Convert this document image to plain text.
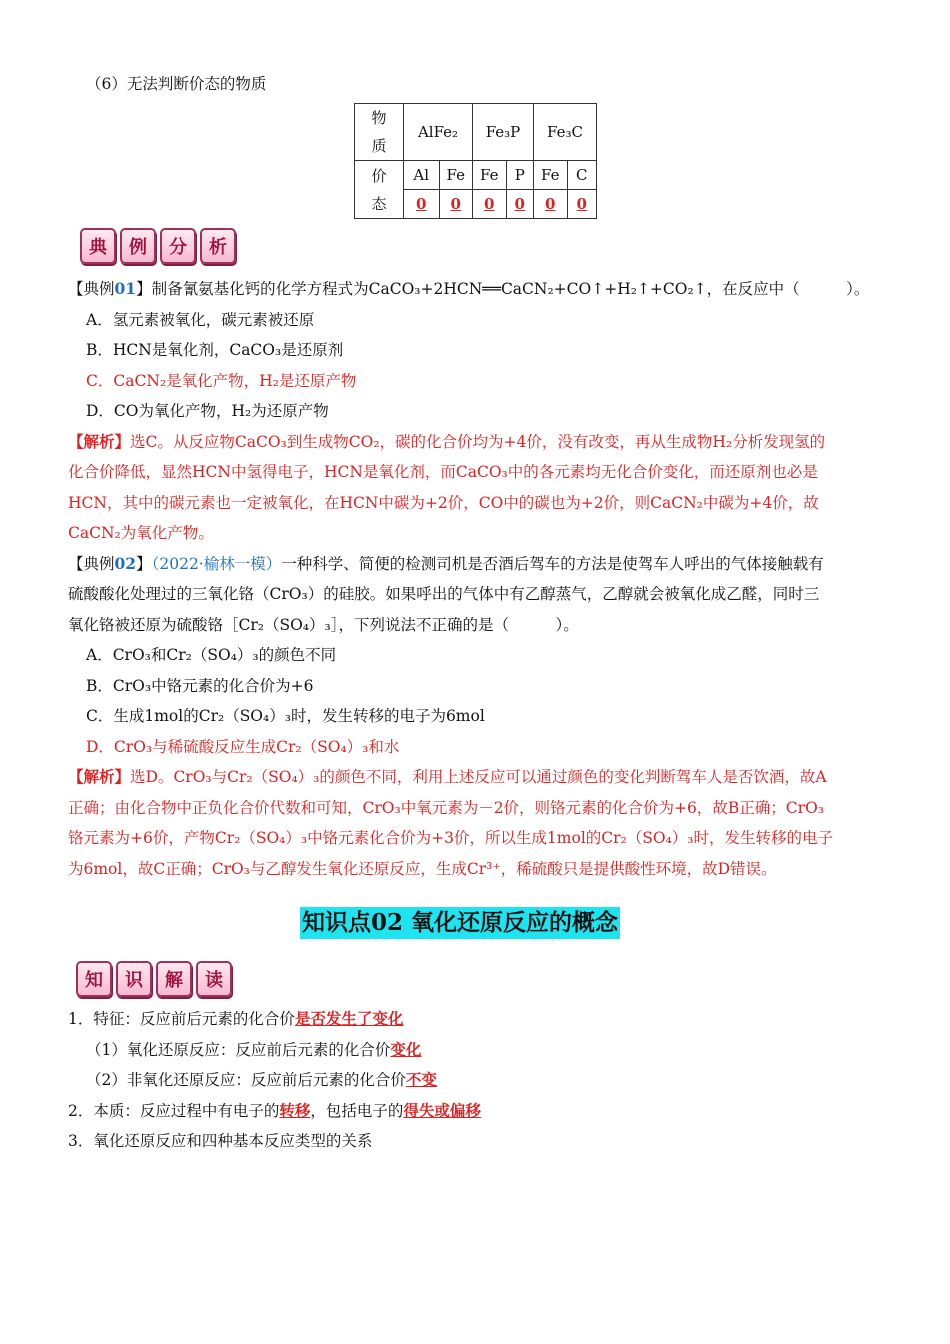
（6）无法判断价态的物质
物
质	AlFe₂		Fe₃P		Fe₃C	
价
态	Al	Fe	Fe	P	Fe	C
	0	0	0	0	0	0
典	例	分	析
【典例01】制备氰氨基化钙的化学方程式为CaCO₃+2HCN══CaCN₂+CO↑+H₂↑+CO₂↑，在反应中（　　　）。
A．氢元素被氧化，碳元素被还原
B．HCN是氧化剂，CaCO₃是还原剂
C．CaCN₂是氧化产物，H₂是还原产物
D．CO为氧化产物，H₂为还原产物
【解析】选C。从反应物CaCO₃到生成物CO₂，碳的化合价均为+4价，没有改变，再从生成物H₂分析发现氢的
化合价降低，显然HCN中氢得电子，HCN是氧化剂，而CaCO₃中的各元素均无化合价变化，而还原剂也必是
HCN，其中的碳元素也一定被氧化，在HCN中碳为+2价，CO中的碳也为+2价，则CaCN₂中碳为+4价，故
CaCN₂为氧化产物。
【典例02】（2022·榆林一模）一种科学、简便的检测司机是否酒后驾车的方法是使驾车人呼出的气体接触载有
硫酸酸化处理过的三氧化铬（CrO₃）的硅胶。如果呼出的气体中有乙醇蒸气，乙醇就会被氧化成乙醛，同时三
氧化铬被还原为硫酸铬［Cr₂（SO₄）₃］，下列说法不正确的是（　　　）。
A．CrO₃和Cr₂（SO₄）₃的颜色不同
B．CrO₃中铬元素的化合价为+6
C．生成1mol的Cr₂（SO₄）₃时，发生转移的电子为6mol
D．CrO₃与稀硫酸反应生成Cr₂（SO₄）₃和水
【解析】选D。CrO₃与Cr₂（SO₄）₃的颜色不同，利用上述反应可以通过颜色的变化判断驾车人是否饮酒，故A
正确；由化合物中正负化合价代数和可知，CrO₃中氧元素为－2价，则铬元素的化合价为+6，故B正确；CrO₃
铬元素为+6价，产物Cr₂（SO₄）₃中铬元素化合价为+3价，所以生成1mol的Cr₂（SO₄）₃时，发生转移的电子
为6mol，故C正确；CrO₃与乙醇发生氧化还原反应，生成Cr³⁺，稀硫酸只是提供酸性环境，故D错误。
知识点02 氧化还原反应的概念
知	识	解	读
1．特征：反应前后元素的化合价是否发生了变化
（1）氧化还原反应：反应前后元素的化合价变化
（2）非氧化还原反应：反应前后元素的化合价不变
2．本质：反应过程中有电子的转移，包括电子的得失或偏移
3．氧化还原反应和四种基本反应类型的关系
